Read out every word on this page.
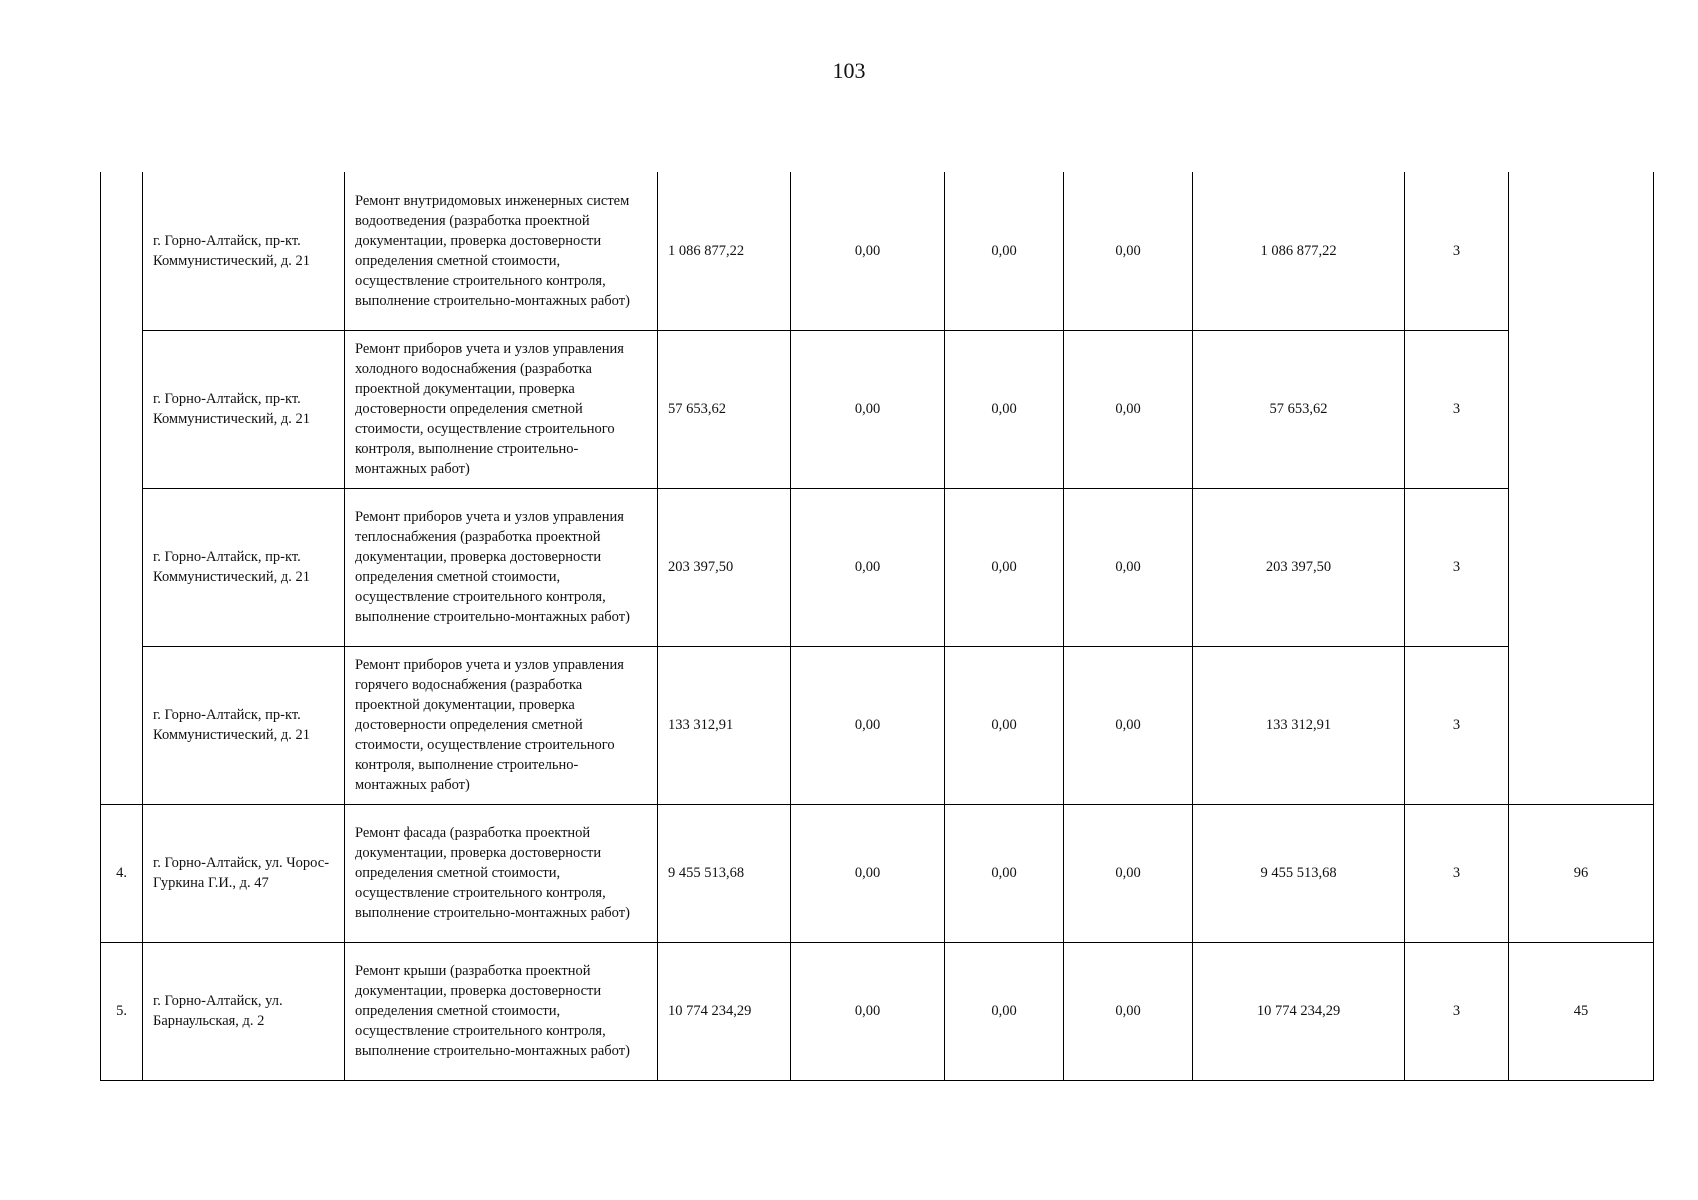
103
	г. Горно-Алтайск, пр-кт. Коммунистический, д. 21	Ремонт внутридомовых инженерных систем водоотведения (разработка проектной документации, проверка достоверности определения сметной стоимости, осуществление строительного контроля, выполнение строительно-монтажных работ)	1 086 877,22	0,00	0,00	0,00	1 086 877,22	3	
	г. Горно-Алтайск, пр-кт. Коммунистический, д. 21	Ремонт приборов учета и узлов управления холодного водоснабжения (разработка проектной документации, проверка достоверности определения сметной стоимости, осуществление строительного контроля, выполнение строительно-монтажных работ)	57 653,62	0,00	0,00	0,00	57 653,62	3	
	г. Горно-Алтайск, пр-кт. Коммунистический, д. 21	Ремонт приборов учета и узлов управления теплоснабжения (разработка проектной документации, проверка достоверности определения сметной стоимости, осуществление строительного контроля, выполнение строительно-монтажных работ)	203 397,50	0,00	0,00	0,00	203 397,50	3	
	г. Горно-Алтайск, пр-кт. Коммунистический, д. 21	Ремонт приборов учета и узлов управления горячего водоснабжения (разработка проектной документации, проверка достоверности определения сметной стоимости, осуществление строительного контроля, выполнение строительно-монтажных работ)	133 312,91	0,00	0,00	0,00	133 312,91	3	
4.	г. Горно-Алтайск, ул. Чорос-Гуркина Г.И., д. 47	Ремонт фасада (разработка проектной документации, проверка достоверности определения сметной стоимости, осуществление строительного контроля, выполнение строительно-монтажных работ)	9 455 513,68	0,00	0,00	0,00	9 455 513,68	3	96
5.	г. Горно-Алтайск, ул. Барнаульская, д. 2	Ремонт крыши (разработка проектной документации, проверка достоверности определения сметной стоимости, осуществление строительного контроля, выполнение строительно-монтажных работ)	10 774 234,29	0,00	0,00	0,00	10 774 234,29	3	45
